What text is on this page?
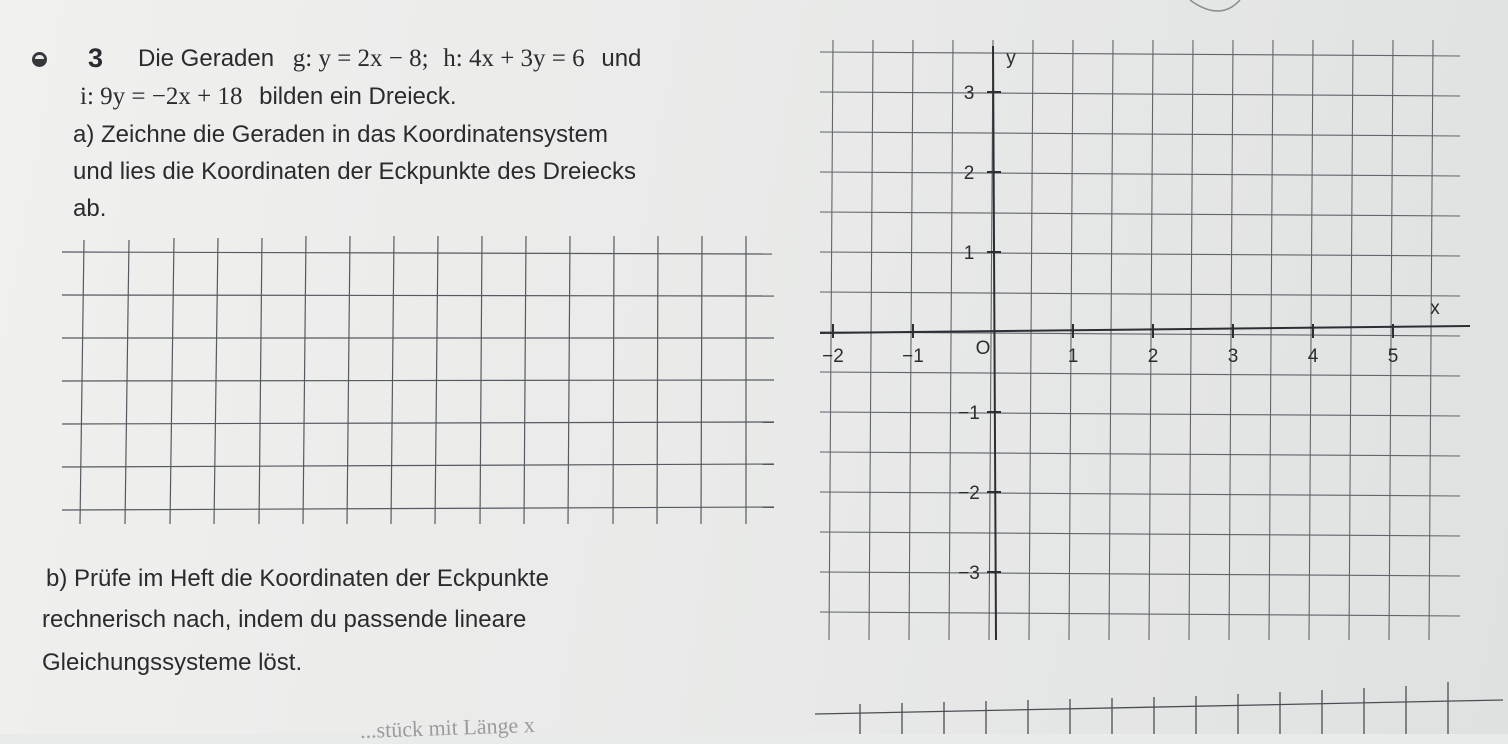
3 Die Geraden g: y = 2x − 8; h: 4x + 3y = 6 und
i: 9y = −2x + 18 bilden ein Dreieck.
a) Zeichne die Geraden in das Koordinatensystem
und lies die Koordinaten der Eckpunkte des Dreiecks
ab.
b) Prüfe im Heft die Koordinaten der Eckpunkte
rechnerisch nach, indem du passende lineare
Gleichungssysteme löst.
−2	−1	1	2	3	4	5
3
2
1
−1
−2
−3
O
x
y
...stück mit Länge x
